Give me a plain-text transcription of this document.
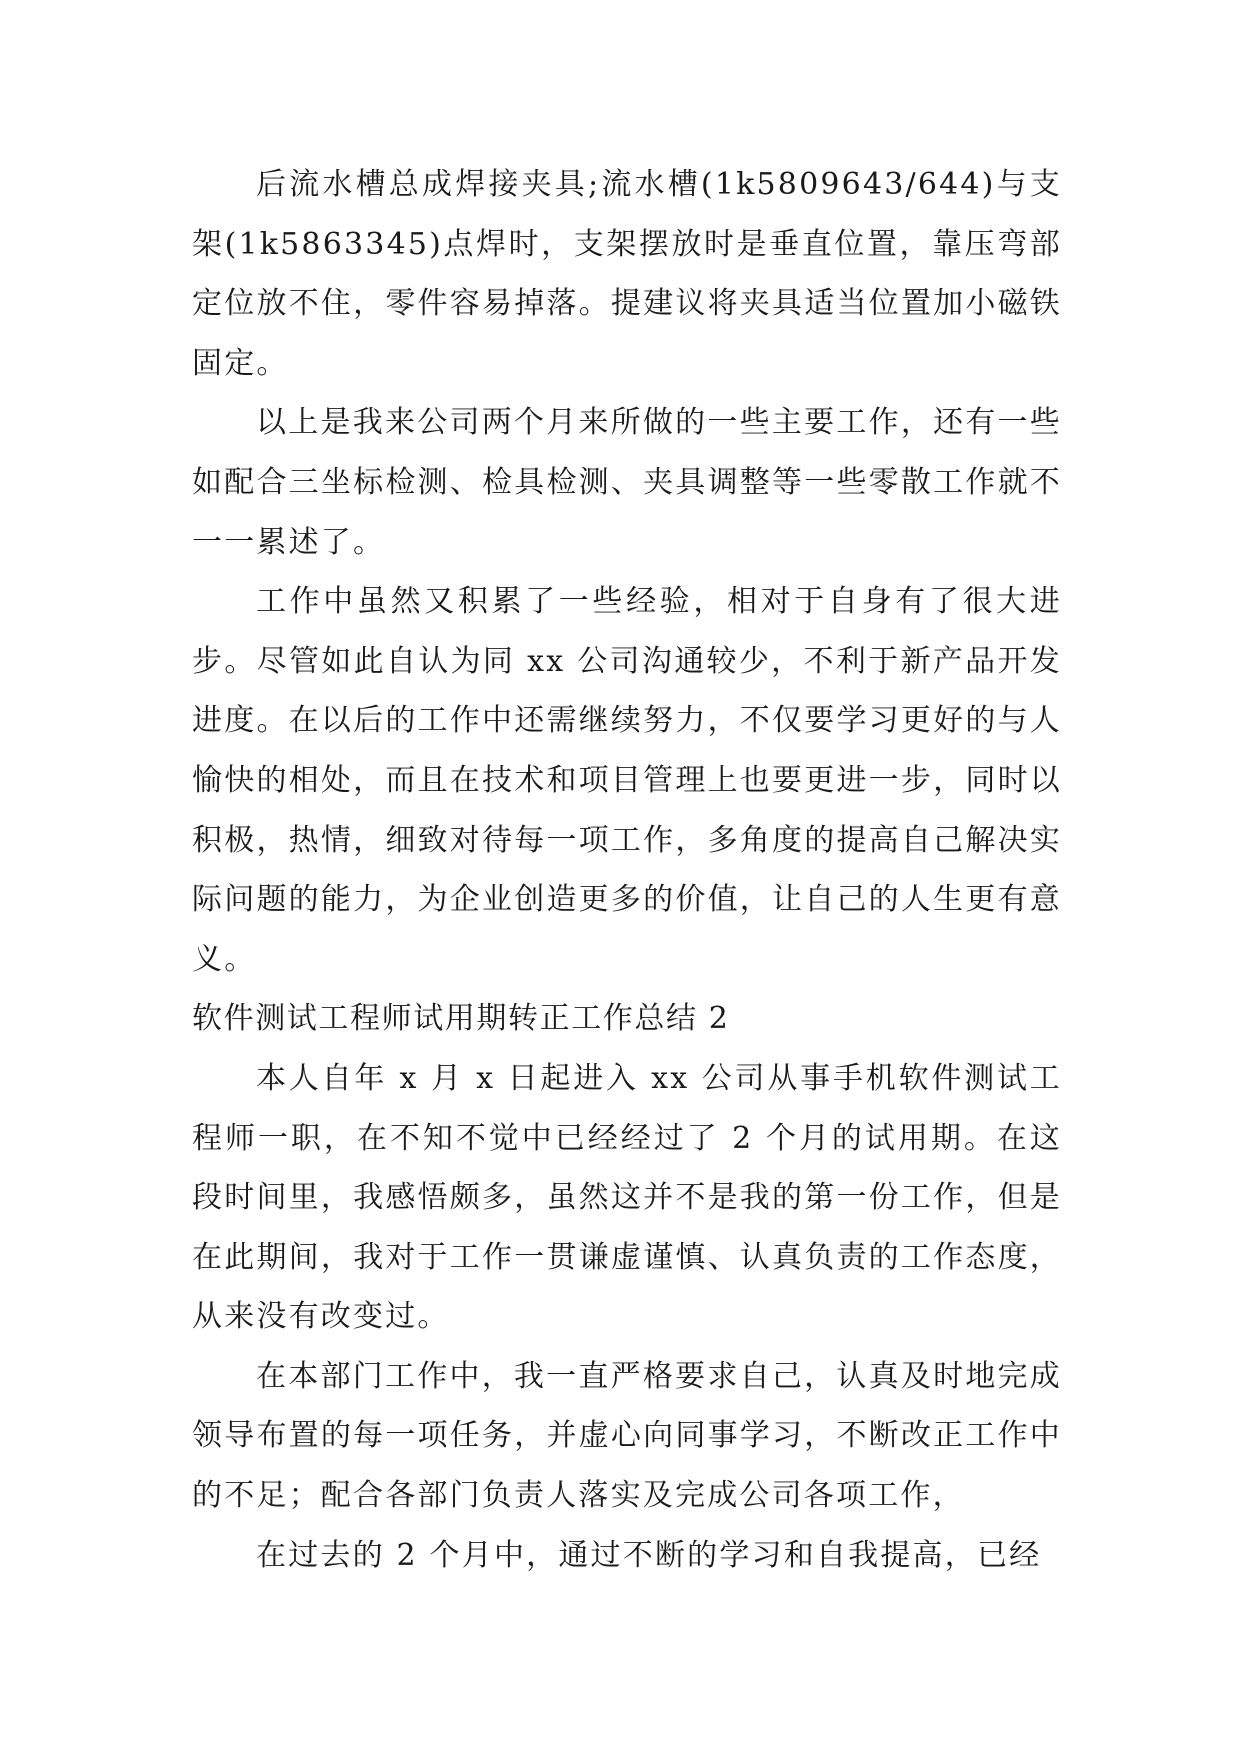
后流水槽总成焊接夹具;流水槽(1k5809643/644)与支架(1k5863345)点焊时，支架摆放时是垂直位置，靠压弯部定位放不住，零件容易掉落。提建议将夹具适当位置加小磁铁固定。

以上是我来公司两个月来所做的一些主要工作，还有一些如配合三坐标检测、检具检测、夹具调整等一些零散工作就不一一累述了。

工作中虽然又积累了一些经验，相对于自身有了很大进步。尽管如此自认为同 xx 公司沟通较少，不利于新产品开发进度。在以后的工作中还需继续努力，不仅要学习更好的与人愉快的相处，而且在技术和项目管理上也要更进一步，同时以积极，热情，细致对待每一项工作，多角度的提高自己解决实际问题的能力，为企业创造更多的价值，让自己的人生更有意义。

软件测试工程师试用期转正工作总结 2

本人自年 x 月 x 日起进入 xx 公司从事手机软件测试工程师一职，在不知不觉中已经经过了 2 个月的试用期。在这段时间里，我感悟颇多，虽然这并不是我的第一份工作，但是在此期间，我对于工作一贯谦虚谨慎、认真负责的工作态度，从来没有改变过。

在本部门工作中，我一直严格要求自己，认真及时地完成领导布置的每一项任务，并虚心向同事学习，不断改正工作中的不足；配合各部门负责人落实及完成公司各项工作，

在过去的 2 个月中，通过不断的学习和自我提高，已经
